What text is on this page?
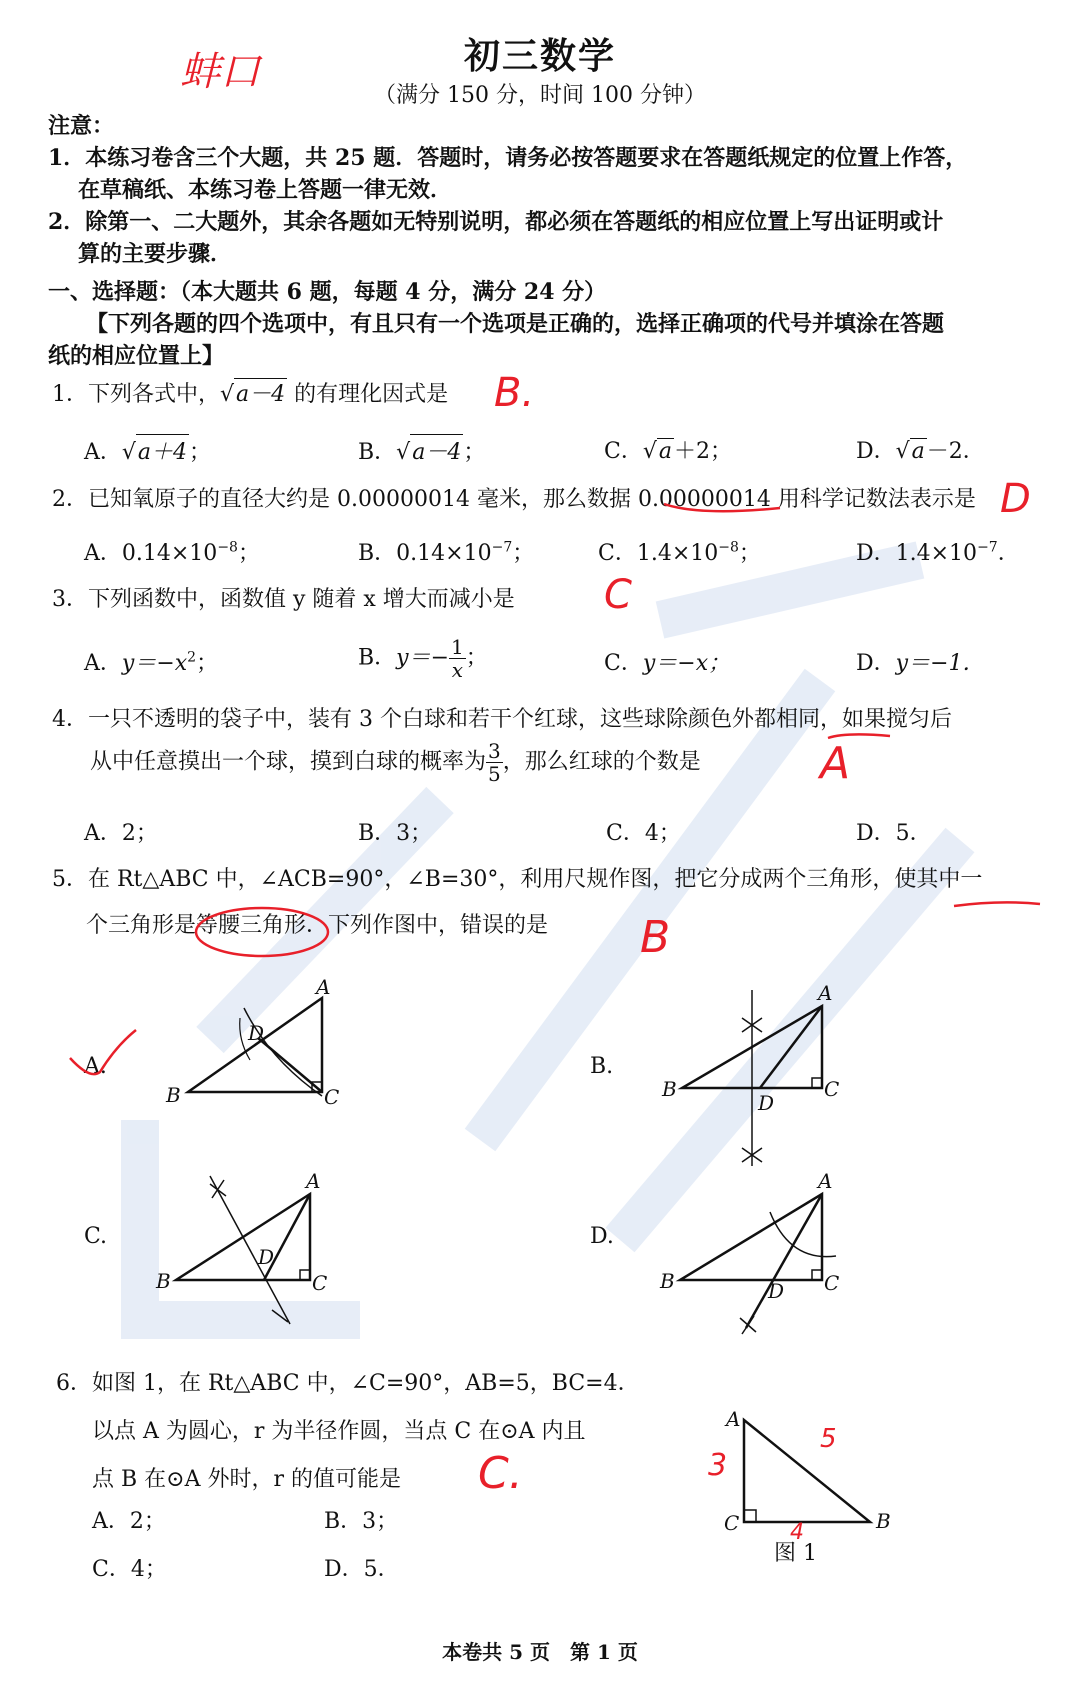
初三数学
蚌口
（满分 150 分，时间 100 分钟）
注意：
1．本练习卷含三个大题，共 25 题．答题时，请务必按答题要求在答题纸规定的位置上作答，
在草稿纸、本练习卷上答题一律无效．
2．除第一、二大题外，其余各题如无特别说明，都必须在答题纸的相应位置上写出证明或计
算的主要步骤．
一、选择题：（本大题共 6 题，每题 4 分，满分 24 分）
【下列各题的四个选项中，有且只有一个选项是正确的，选择正确项的代号并填涂在答题
纸的相应位置上】
1．下列各式中，√a－4 的有理化因式是	B.
A．√a＋4；	B．√a－4；	C．√a＋2；	D．√a－2．
2．已知氧原子的直径大约是 0.00000014 毫米，那么数据 0.00000014 用科学记数法表示是 D
A．$0.14\times 10^{-8}$；	B．$0.14\times 10^{-7}$；	C．$1.4\times 10^{-8}$；	D．$1.4\times 10^{-7}$．
3．下列函数中，函数值 y 随着 x 增大而减小是	C
A．$y=-x^2$；	B．$y=- \frac{1}{x}$ ；	C．y＝−x；	D．y＝−1．
4．一只不透明的袋子中，装有 3 个白球和若干个红球，这些球除颜色外都相同，如果搅匀后
从中任意摸出一个球，摸到白球的概率为 $\frac{3}{5}$ ，那么红球的个数是	A
A．2；	B．3；	C．4；	D．5．
5．在 Rt△ABC 中，∠ACB=90°，∠B=30°，利用尺规作图，把它分成两个三角形，使其中一
个三角形是等腰三角形．下列作图中，错误的是	B
A.	B.
C.	D.
A
D
B	C
A
B
D
C
A
D
B	C
A
B	D C
A
C	B
6．如图 1，在 Rt△ABC 中，∠C=90°，AB=5，BC=4．
以点 A 为圆心，r 为半径作圆，当点 C 在⊙A 内且
点 B 在⊙A 外时，r 的值可能是	C.
A．2；	B．3；
C．4；	D．5．
图 1
3
5
4
本卷共 5 页　第 1 页
